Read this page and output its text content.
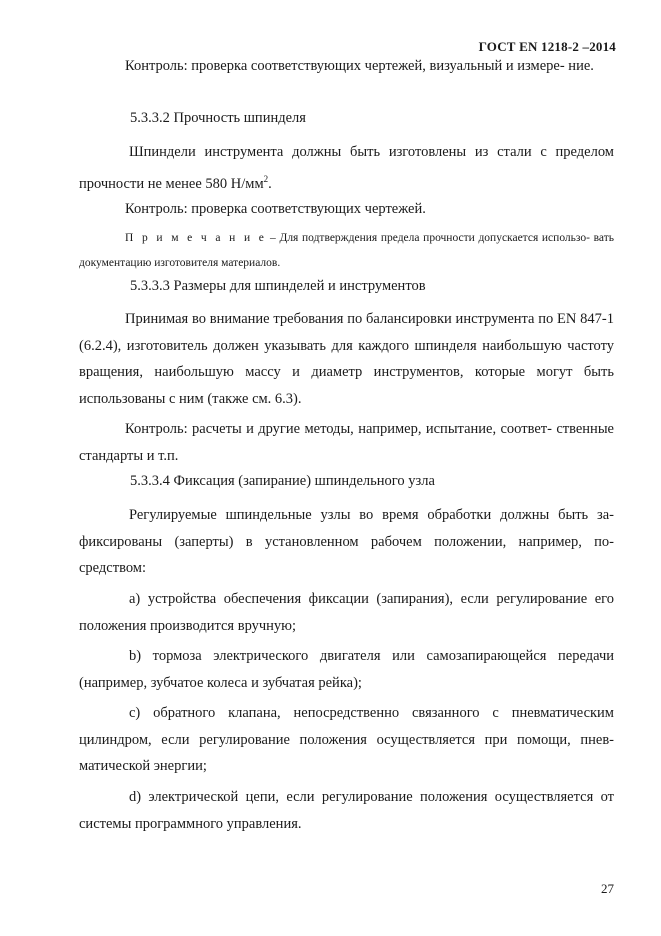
ГОСТ EN 1218-2 –2014
Контроль: проверка соответствующих чертежей, визуальный и измере- ние.
5.3.3.2 Прочность шпинделя
Шпиндели инструмента должны быть изготовлены из стали с пределом прочности не менее 580 $Н/мм^2$.
Контроль: проверка соответствующих чертежей.
П р и м е ч а н и е – Для подтверждения предела прочности допускается использо- вать документацию изготовителя материалов.
5.3.3.3 Размеры для шпинделей и инструментов
Принимая во внимание требования по балансировки инструмента по EN 847-1 (6.2.4), изготовитель должен указывать для каждого шпинделя наибольшую частоту вращения, наибольшую массу и диаметр инструментов, которые могут быть использованы с ним (также см. 6.3).
Контроль: расчеты и другие методы, например, испытание, соответ- ственные стандарты и т.п.
5.3.3.4 Фиксация (запирание) шпиндельного узла
Регулируемые шпиндельные узлы во время обработки должны быть за- фиксированы (заперты) в установленном рабочем положении, например, по- средством:
a) устройства обеспечения фиксации (запирания), если регулирование его положения производится вручную;
b) тормоза электрического двигателя или самозапирающейся передачи (например, зубчатое колеса и зубчатая рейка);
c) обратного клапана, непосредственно связанного с пневматическим цилиндром, если регулирование положения осуществляется при помощи, пнев- матической энергии;
d) электрической цепи, если регулирование положения осуществляется от системы программного управления.
27
